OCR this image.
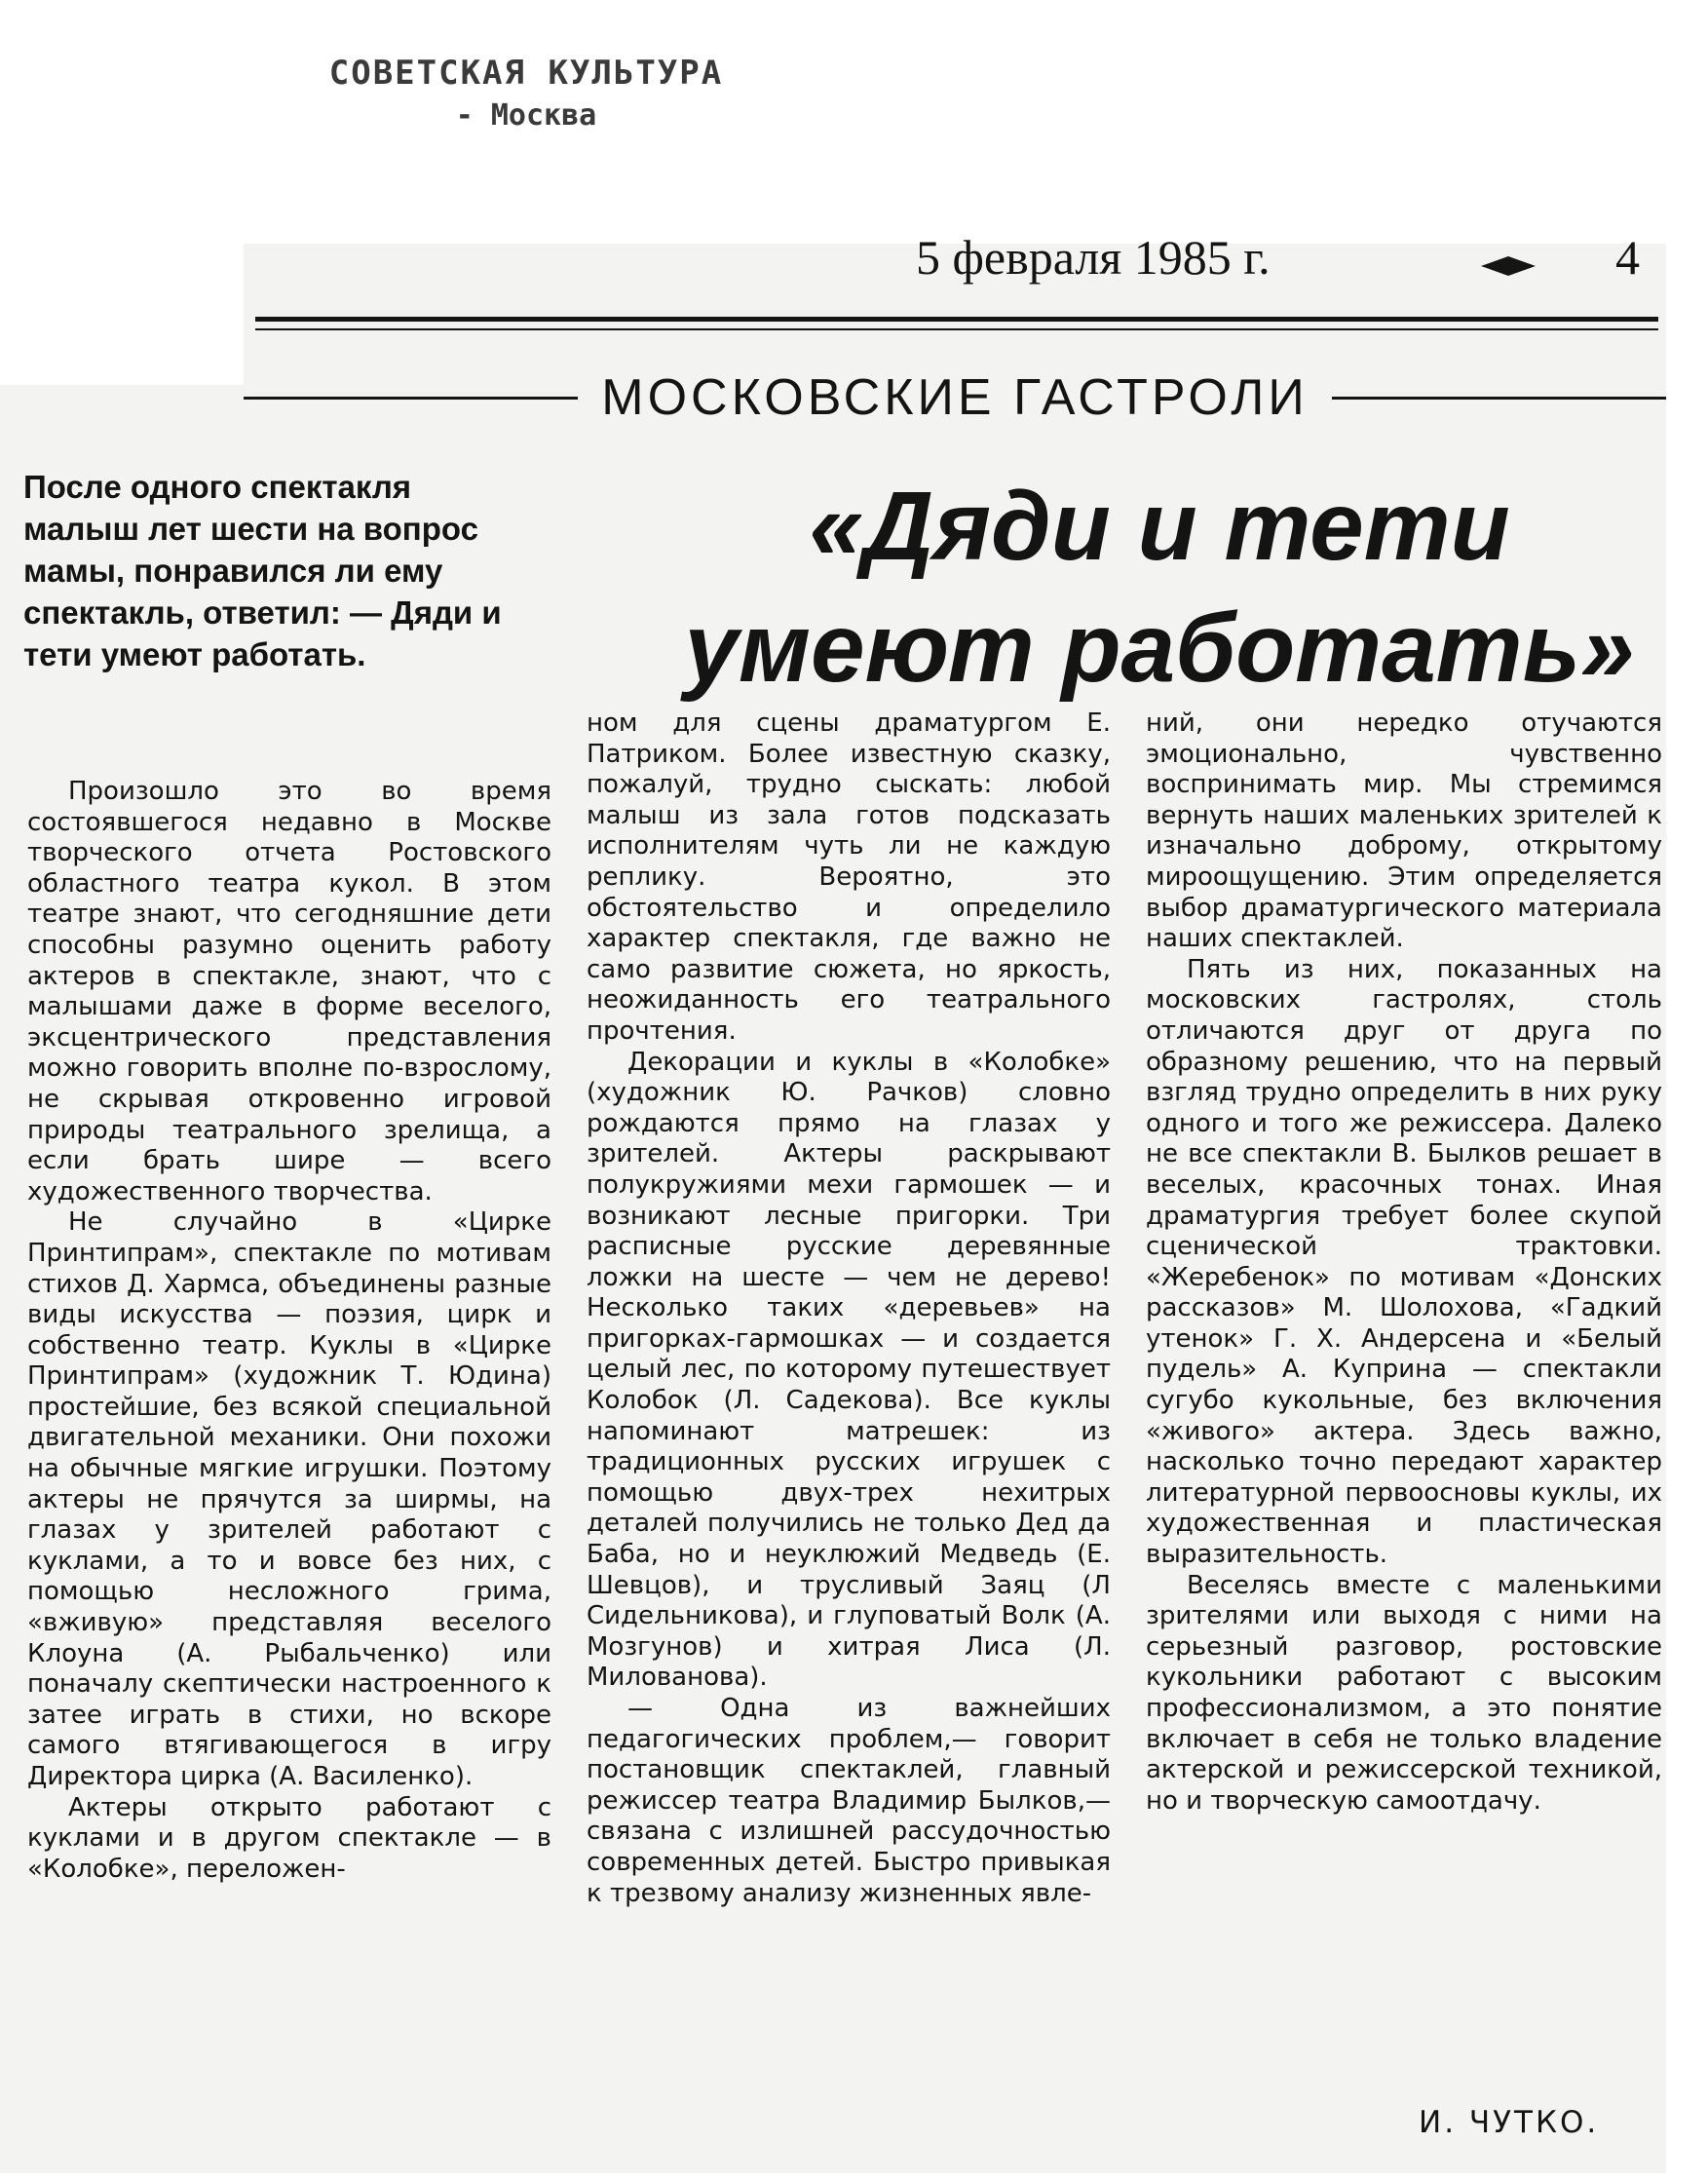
СОВЕТСКАЯ КУЛЬТУРА
- Москва
5 февраля 1985 г.	4
МОСКОВСКИЕ ГАСТРОЛИ
После одного спектакля малыш лет шести на вопрос мамы, понравился ли ему спектакль, ответил: — Дяди и тети умеют работать.
«Дяди и тети
умеют работать»

Произошло это во время состоявшегося недавно в Москве творческого отчета Ростовского областного театра кукол. В этом театре знают, что сегодняшние дети способны разумно оценить работу актеров в спектакле, знают, что с малышами даже в форме веселого, эксцентрического представления можно говорить вполне по-взрослому, не скрывая откровенно игровой природы театрального зрелища, а если брать шире — всего художественного творчества.

Не случайно в «Цирке Принтипрам», спектакле по мотивам стихов Д. Хармса, объединены разные виды искусства — поэзия, цирк и собственно театр. Куклы в «Цирке Принтипрам» (художник Т. Юдина) простейшие, без всякой специальной двигательной механики. Они похожи на обычные мягкие игрушки. Поэтому актеры не прячутся за ширмы, на глазах у зрителей работают с куклами, а то и вовсе без них, с помощью несложного грима, «вживую» представляя веселого Клоуна (А. Рыбальченко) или поначалу скептически настроенного к затее играть в стихи, но вскоре самого втягивающегося в игру Директора цирка (А. Василенко).

Актеры открыто работают с куклами и в другом спектакле — в «Колобке», переложен-

ном для сцены драматургом Е. Патриком. Более известную сказку, пожалуй, трудно сыскать: любой малыш из зала готов подсказать исполнителям чуть ли не каждую реплику. Вероятно, это обстоятельство и определило характер спектакля, где важно не само развитие сюжета, но яркость, неожиданность его театрального прочтения.

Декорации и куклы в «Колобке» (художник Ю. Рачков) словно рождаются прямо на глазах у зрителей. Актеры раскрывают полукружиями мехи гармошек — и возникают лесные пригорки. Три расписные русские деревянные ложки на шесте — чем не дерево! Несколько таких «деревьев» на пригорках-гармошках — и создается целый лес, по которому путешествует Колобок (Л. Садекова). Все куклы напоминают матрешек: из традиционных русских игрушек с помощью двух-трех нехитрых деталей получились не только Дед да Баба, но и неуклюжий Медведь (Е. Шевцов), и трусливый Заяц (Л Сидельникова), и глуповатый Волк (А. Мозгунов) и хитрая Лиса (Л. Милованова).

— Одна из важнейших педагогических проблем,— говорит постановщик спектаклей, главный режиссер театра Владимир Былков,— связана с излишней рассудочностью современных детей. Быстро привыкая к трезвому анализу жизненных явле-

ний, они нередко отучаются эмоционально, чувственно воспринимать мир. Мы стремимся вернуть наших маленьких зрителей к изначально доброму, открытому мироощущению. Этим определяется выбор драматургического материала наших спектаклей.

Пять из них, показанных на московских гастролях, столь отличаются друг от друга по образному решению, что на первый взгляд трудно определить в них руку одного и того же режиссера. Далеко не все спектакли В. Былков решает в веселых, красочных тонах. Иная драматургия требует более скупой сценической трактовки. «Жеребенок» по мотивам «Донских рассказов» М. Шолохова, «Гадкий утенок» Г. Х. Андерсена и «Белый пудель» А. Куприна — спектакли сугубо кукольные, без включения «живого» актера. Здесь важно, насколько точно передают характер литературной первоосновы куклы, их художественная и пластическая выразительность.

Веселясь вместе с маленькими зрителями или выходя с ними на серьезный разговор, ростовские кукольники работают с высоким профессионализмом, а это понятие включает в себя не только владение актерской и режиссерской техникой, но и творческую самоотдачу.

И. ЧУТКО.
